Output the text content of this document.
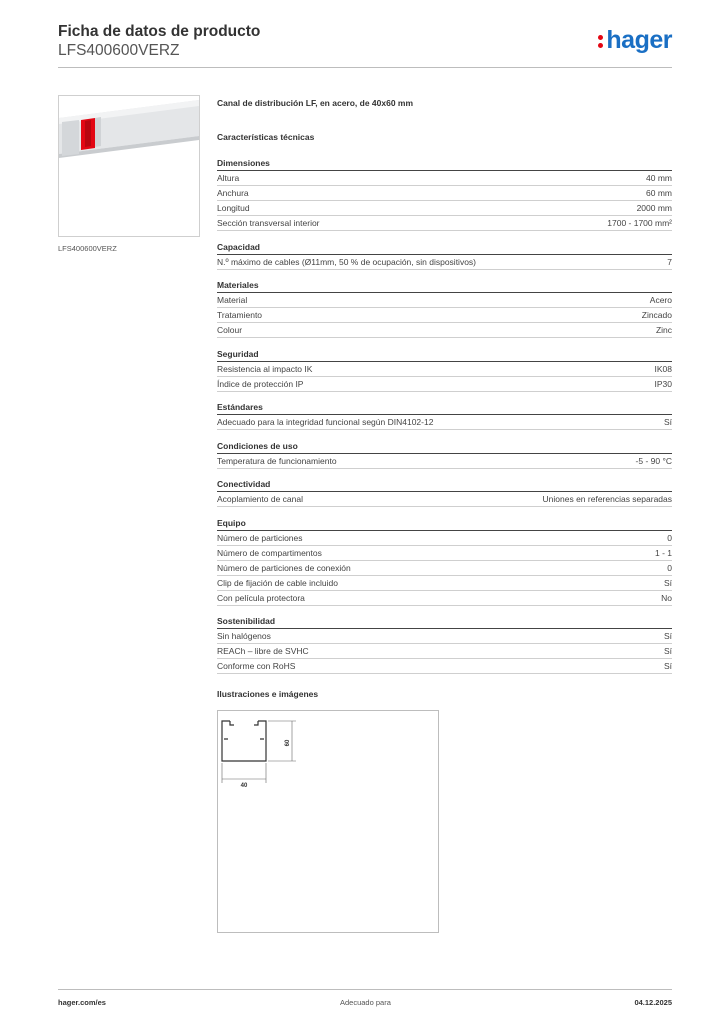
Ficha de datos de producto
LFS400600VERZ	hager
LFS400600VERZ
Canal de distribución LF, en acero, de 40x60 mm
Características técnicas
Dimensiones
Altura	40 mm
Anchura	60 mm
Longitud	2000 mm
Sección transversal interior	1700 - 1700 mm²
Capacidad
N.º máximo de cables (Ø11mm, 50 % de ocupación, sin dispositivos)	7
Materiales
Material	Acero
Tratamiento	Zincado
Colour	Zinc
Seguridad
Resistencia al impacto IK	IK08
Índice de protección IP	IP30
Estándares
Adecuado para la integridad funcional según DIN4102-12	Sí
Condiciones de uso
Temperatura de funcionamiento	-5 - 90 °C
Conectividad
Acoplamiento de canal	Uniones en referencias separadas
Equipo
Número de particiones	0
Número de compartimentos	1 - 1
Número de particiones de conexión	0
Clip de fijación de cable incluido	Sí
Con película protectora	No
Sostenibilidad
Sin halógenos	Sí
REACh – libre de SVHC	Sí
Conforme con RoHS	Sí
Ilustraciones e imágenes
60
40
hager.com/es	Adecuado para	04.12.2025
